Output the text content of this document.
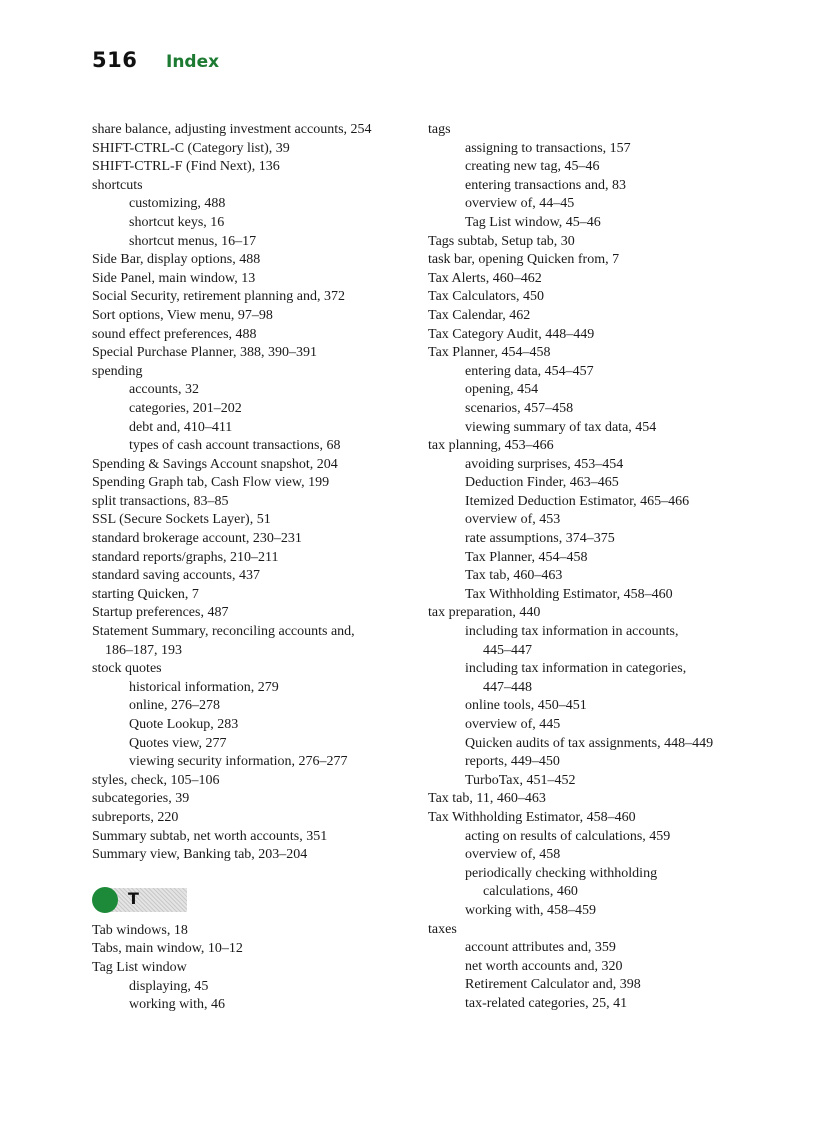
516 Index
share balance, adjusting investment accounts, 254
SHIFT-CTRL-C (Category list), 39
SHIFT-CTRL-F (Find Next), 136
shortcuts
customizing, 488
shortcut keys, 16
shortcut menus, 16–17
Side Bar, display options, 488
Side Panel, main window, 13
Social Security, retirement planning and, 372
Sort options, View menu, 97–98
sound effect preferences, 488
Special Purchase Planner, 388, 390–391
spending
accounts, 32
categories, 201–202
debt and, 410–411
types of cash account transactions, 68
Spending & Savings Account snapshot, 204
Spending Graph tab, Cash Flow view, 199
split transactions, 83–85
SSL (Secure Sockets Layer), 51
standard brokerage account, 230–231
standard reports/graphs, 210–211
standard saving accounts, 437
starting Quicken, 7
Startup preferences, 487
Statement Summary, reconciling accounts and,
186–187, 193
stock quotes
historical information, 279
online, 276–278
Quote Lookup, 283
Quotes view, 277
viewing security information, 276–277
styles, check, 105–106
subcategories, 39
subreports, 220
Summary subtab, net worth accounts, 351
Summary view, Banking tab, 203–204
T
Tab windows, 18
Tabs, main window, 10–12
Tag List window
displaying, 45
working with, 46
tags
assigning to transactions, 157
creating new tag, 45–46
entering transactions and, 83
overview of, 44–45
Tag List window, 45–46
Tags subtab, Setup tab, 30
task bar, opening Quicken from, 7
Tax Alerts, 460–462
Tax Calculators, 450
Tax Calendar, 462
Tax Category Audit, 448–449
Tax Planner, 454–458
entering data, 454–457
opening, 454
scenarios, 457–458
viewing summary of tax data, 454
tax planning, 453–466
avoiding surprises, 453–454
Deduction Finder, 463–465
Itemized Deduction Estimator, 465–466
overview of, 453
rate assumptions, 374–375
Tax Planner, 454–458
Tax tab, 460–463
Tax Withholding Estimator, 458–460
tax preparation, 440
including tax information in accounts,
445–447
including tax information in categories,
447–448
online tools, 450–451
overview of, 445
Quicken audits of tax assignments, 448–449
reports, 449–450
TurboTax, 451–452
Tax tab, 11, 460–463
Tax Withholding Estimator, 458–460
acting on results of calculations, 459
overview of, 458
periodically checking withholding
calculations, 460
working with, 458–459
taxes
account attributes and, 359
net worth accounts and, 320
Retirement Calculator and, 398
tax-related categories, 25, 41
